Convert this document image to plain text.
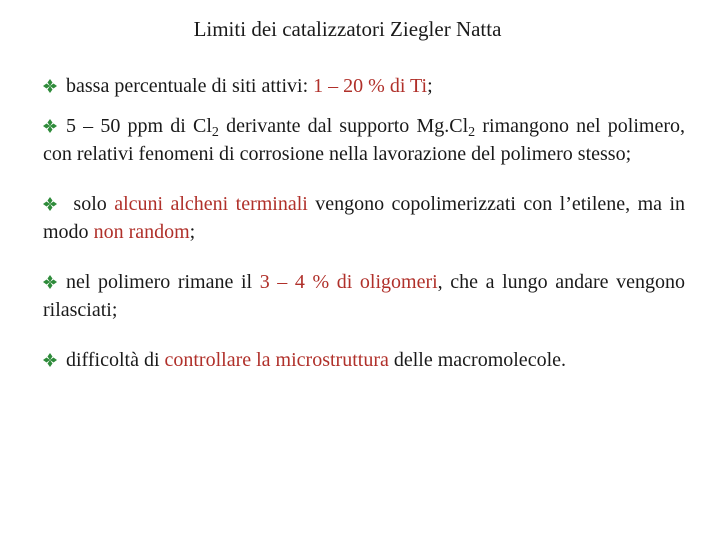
Limiti dei catalizzatori Ziegler Natta

bassa percentuale di siti attivi: 1 – 20 % di Ti;

5 – 50 ppm di $Cl_2$ derivante dal supporto $Mg.Cl_2$ rimangono nel polimero, con relativi fenomeni di corrosione nella lavorazione del polimero stesso;

solo alcuni alcheni terminali vengono copolimerizzati con l’etilene, ma in modo non random;

nel polimero rimane il 3 – 4 % di oligomeri, che a lungo andare vengono rilasciati;

difficoltà di controllare la microstruttura delle macromolecole.
